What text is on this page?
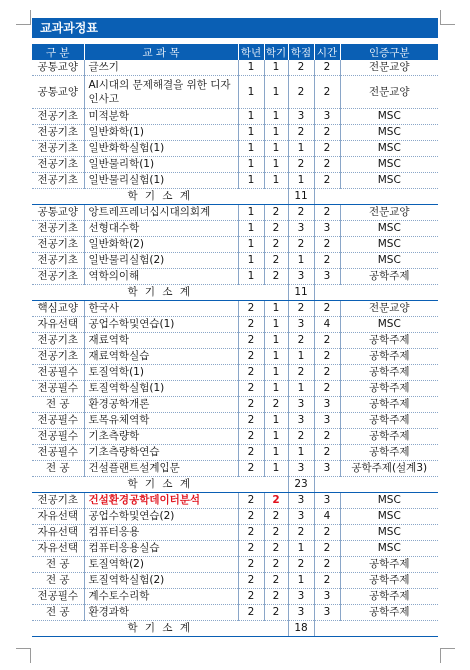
교과과정표
구 분	교 과 목	학년	학기	학점	시간	인증구분
공통교양	글쓰기	1	1	2	2	전문교양
공통교양	AI시대의 문제해결을 위한 디자인사고	1	1	2	2	전문교양
전공기초	미적분학	1	1	3	3	MSC
전공기초	일반화학(1)	1	1	2	2	MSC
전공기초	일반화학실험(1)	1	1	1	2	MSC
전공기초	일반물리학(1)	1	1	2	2	MSC
전공기초	일반물리실험(1)	1	1	1	2	MSC
학 기 소 계				11		
공통교양	앙트레프레너십시대의회계	1	2	2	2	전문교양
전공기초	선형대수학	1	2	3	3	MSC
전공기초	일반화학(2)	1	2	2	2	MSC
전공기초	일반물리실험(2)	1	2	1	2	MSC
전공기초	역학의이해	1	2	3	3	공학주제
학 기 소 계				11		
핵심교양	한국사	2	1	2	2	전문교양
자유선택	공업수학및연습(1)	2	1	3	4	MSC
전공기초	재료역학	2	1	2	2	공학주제
전공기초	재료역학실습	2	1	1	2	공학주제
전공필수	토질역학(1)	2	1	2	2	공학주제
전공필수	토질역학실험(1)	2	1	1	2	공학주제
전 공	환경공학개론	2	2	3	3	공학주제
전공필수	토목유체역학	2	1	3	3	공학주제
전공필수	기초측량학	2	1	2	2	공학주제
전공필수	기초측량학연습	2	1	1	2	공학주제
전 공	건설플랜트설계입문	2	1	3	3	공학주제(설계3)
학 기 소 계				23		
전공기초	건설환경공학데이터분석	2	2	3	3	MSC
자유선택	공업수학및연습(2)	2	2	3	4	MSC
자유선택	컴퓨터응용	2	2	2	2	MSC
자유선택	컴퓨터응용실습	2	2	1	2	MSC
전 공	토질역학(2)	2	2	2	2	공학주제
전 공	토질역학실험(2)	2	2	1	2	공학주제
전공필수	계수토수리학	2	2	3	3	공학주제
전 공	환경과학	2	2	3	3	공학주제
학 기 소 계				18		
